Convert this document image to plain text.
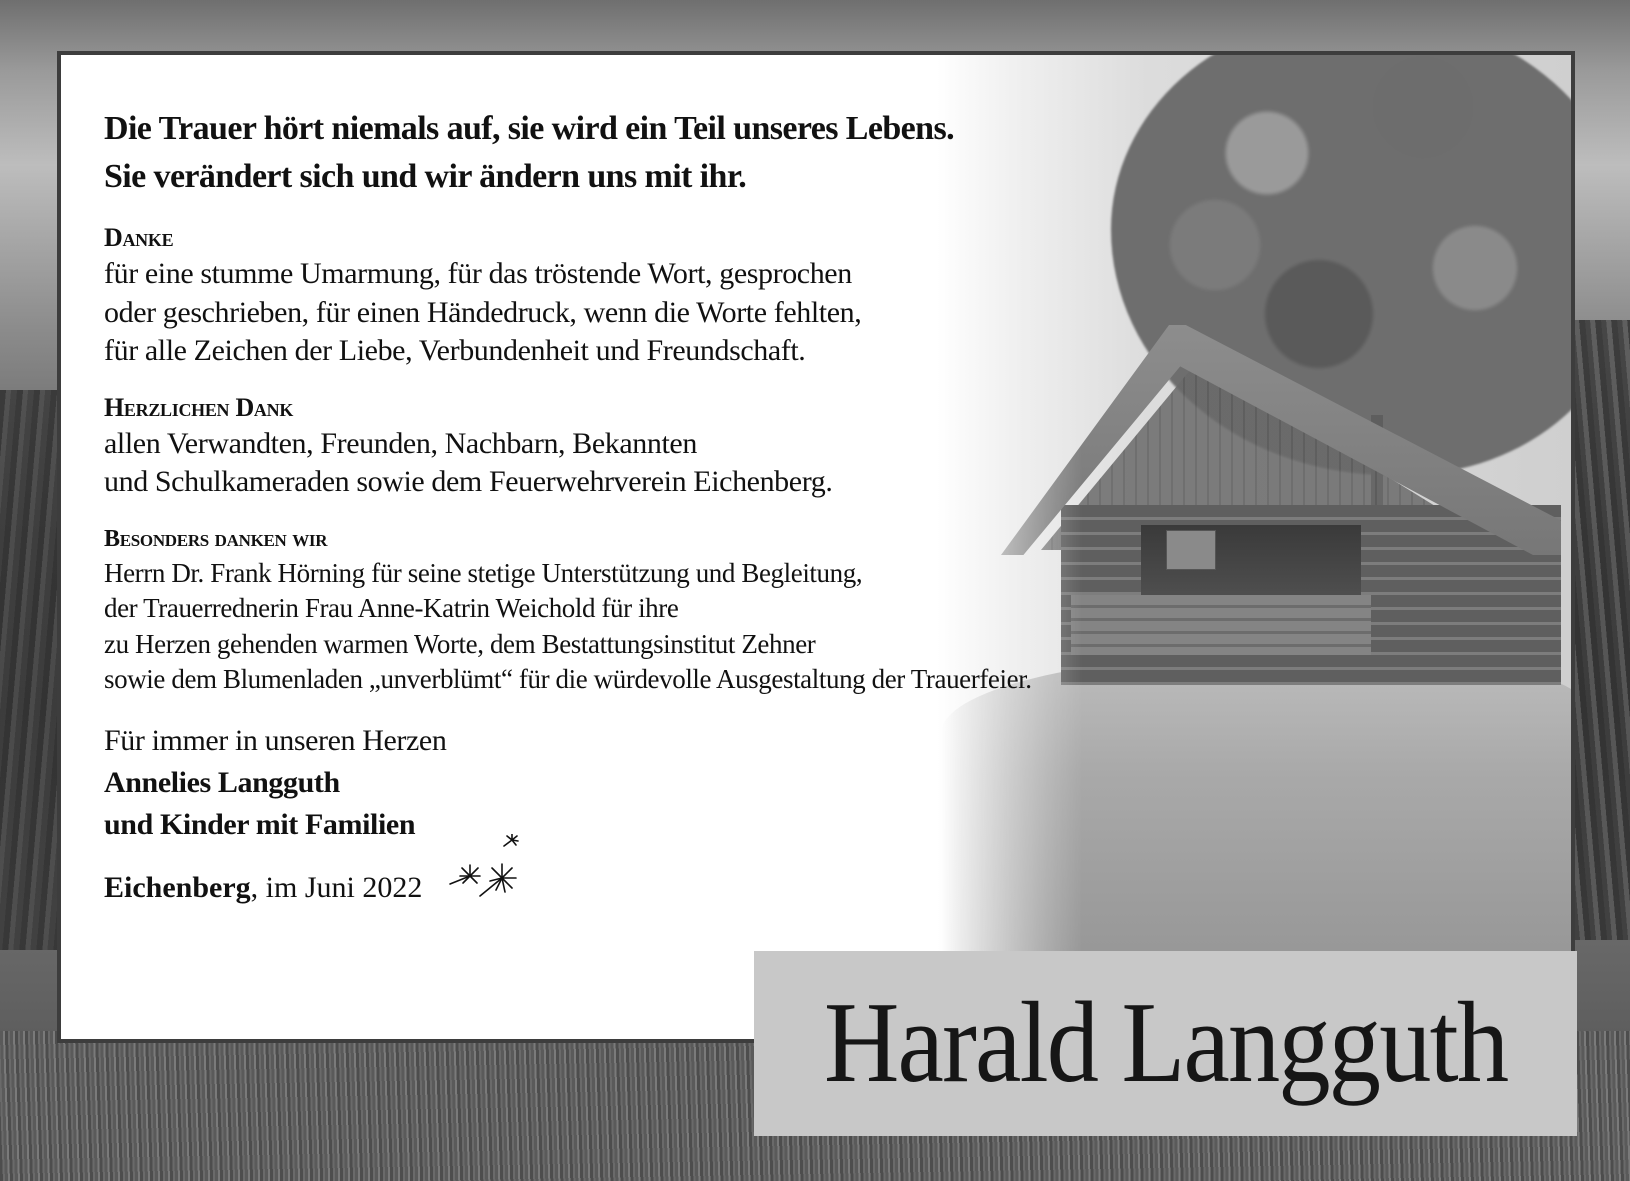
Die Trauer hört niemals auf, sie wird ein Teil unseres Lebens.

Sie verändert sich und wir ändern uns mit ihr.

Danke

für eine stumme Umarmung, für das tröstende Wort, gesprochen

oder geschrieben, für einen Händedruck, wenn die Worte fehlten,

für alle Zeichen der Liebe, Verbundenheit und Freundschaft.

Herzlichen Dank

allen Verwandten, Freunden, Nachbarn, Bekannten

und Schulkameraden sowie dem Feuerwehrverein Eichenberg.

Besonders danken wir

Herrn Dr. Frank Hörning für seine stetige Unterstützung und Begleitung,

der Trauerrednerin Frau Anne-Katrin Weichold für ihre

zu Herzen gehenden warmen Worte, dem Bestattungsinstitut Zehner

sowie dem Blumenladen „unverblümt“ für die würdevolle Ausgestaltung der Trauerfeier.

Für immer in unseren Herzen

Annelies Langguth

und Kinder mit Familien

Eichenberg , im Juni 2022
Harald Langguth
